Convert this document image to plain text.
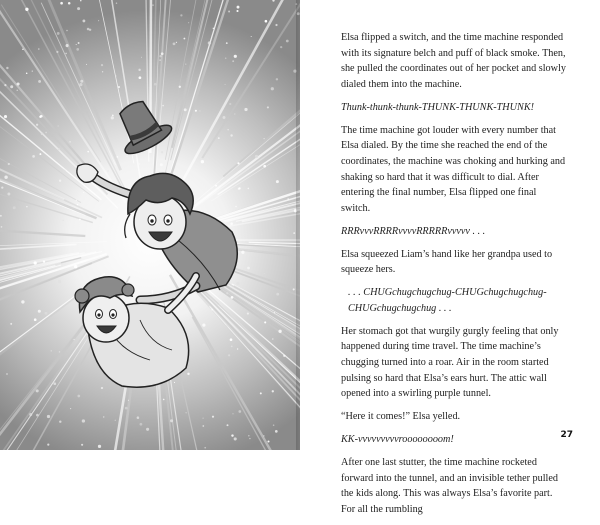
Elsa flipped a switch, and the time machine responded with its signature belch and puff of black smoke. Then, she pulled the coordinates out of her pocket and slowly dialed them into the machine.

Thunk-thunk-thunk-THUNK-THUNK-THUNK!

The time machine got louder with every number that Elsa dialed. By the time she reached the end of the coordinates, the machine was choking and hurking and shaking so hard that it was difficult to dial. After entering the final number, Elsa flipped one final switch.

RRRvvvRRRRvvvvRRRRRvvvvv . . .

Elsa squeezed Liam’s hand like her grandpa used to squeeze hers.

. . . CHUGchugchugchug-CHUGchugchugchug-CHUGchugchugchug . . .

Her stomach got that wurgily gurgly feeling that only happened during time travel. The time machine’s chugging turned into a roar. Air in the room started pulsing so hard that Elsa’s ears hurt. The attic wall opened into a swirling purple tunnel.

“Here it comes!” Elsa yelled.

KK-vvvvvvvvvroooooooom!

After one last stutter, the time machine rocketed forward into the tunnel, and an invisible tether pulled the kids along. This was always Elsa’s favorite part. For all the rumbling

27
